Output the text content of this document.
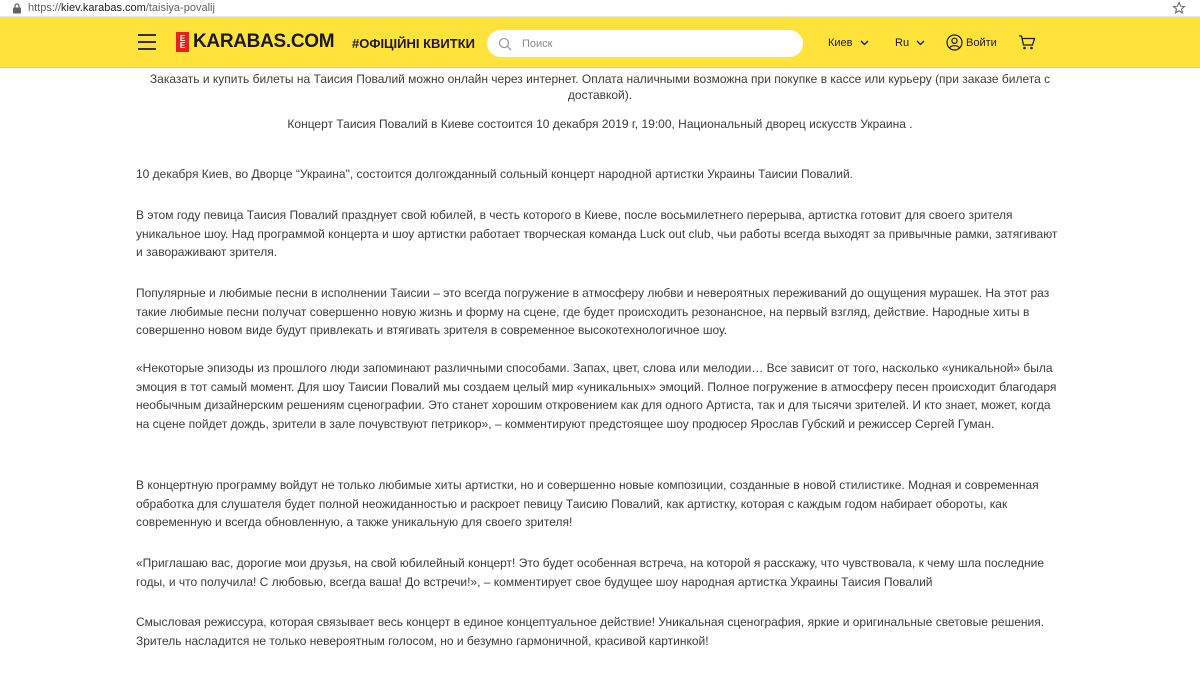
https://kiev.karabas.com/taisiya-povalij
E
E KARABAS.COM #ОФІЦІЙНІ КВИТКИ
Поиск	Киев	Ru	Войти

Заказать и купить билеты на Таисия Повалий можно онлайн через интернет. Оплата наличными возможна при покупке в кассе или курьеру (при заказе билета с доставкой).

Концерт Таисия Повалий в Киеве состоится 10 декабря 2019 г, 19:00, Национальный дворец искусств Украина .

10 декабря Киев, во Дворце “Украина", состоится долгожданный сольный концерт народной артистки Украины Таисии Повалий.

В этом году певица Таисия Повалий празднует свой юбилей, в честь которого в Киеве, после восьмилетнего перерыва, артистка готовит для своего зрителя уникальное шоу. Над программой концерта и шоу артистки работает творческая команда Luck out club, чьи работы всегда выходят за привычные рамки, затягивают и завораживают зрителя.

Популярные и любимые песни в исполнении Таисии – это всегда погружение в атмосферу любви и невероятных переживаний до ощущения мурашек. На этот раз такие любимые песни получат совершенно новую жизнь и форму на сцене, где будет происходить резонансное, на первый взгляд, действие. Народные хиты в совершенно новом виде будут привлекать и втягивать зрителя в современное высокотехнологичное шоу.

«Некоторые эпизоды из прошлого люди запоминают различными способами. Запах, цвет, слова или мелодии… Все зависит от того, насколько «уникальной» была эмоция в тот самый момент. Для шоу Таисии Повалий мы создаем целый мир «уникальных» эмоций. Полное погружение в атмосферу песен происходит благодаря необычным дизайнерским решениям сценографии. Это станет хорошим откровением как для одного Артиста, так и для тысячи зрителей. И кто знает, может, когда на сцене пойдет дождь, зрители в зале почувствуют петрикор», – комментируют предстоящее шоу продюсер Ярослав Губский и режиссер Сергей Гуман.

В концертную программу войдут не только любимые хиты артистки, но и совершенно новые композиции, созданные в новой стилистике. Модная и современная обработка для слушателя будет полной неожиданностью и раскроет певицу Таисию Повалий, как артистку, которая с каждым годом набирает обороты, как современную и всегда обновленную, а также уникальную для своего зрителя!

«Приглашаю вас, дорогие мои друзья, на свой юбилейный концерт! Это будет особенная встреча, на которой я расскажу, что чувствовала, к чему шла последние годы, и что получила! С любовью, всегда ваша! До встречи!», – комментирует свое будущее шоу народная артистка Украины Таисия Повалий

Смысловая режиссура, которая связывает весь концерт в единое концептуальное действие! Уникальная сценография, яркие и оригинальные световые решения. Зритель насладится не только невероятным голосом, но и безумно гармоничной, красивой картинкой!
